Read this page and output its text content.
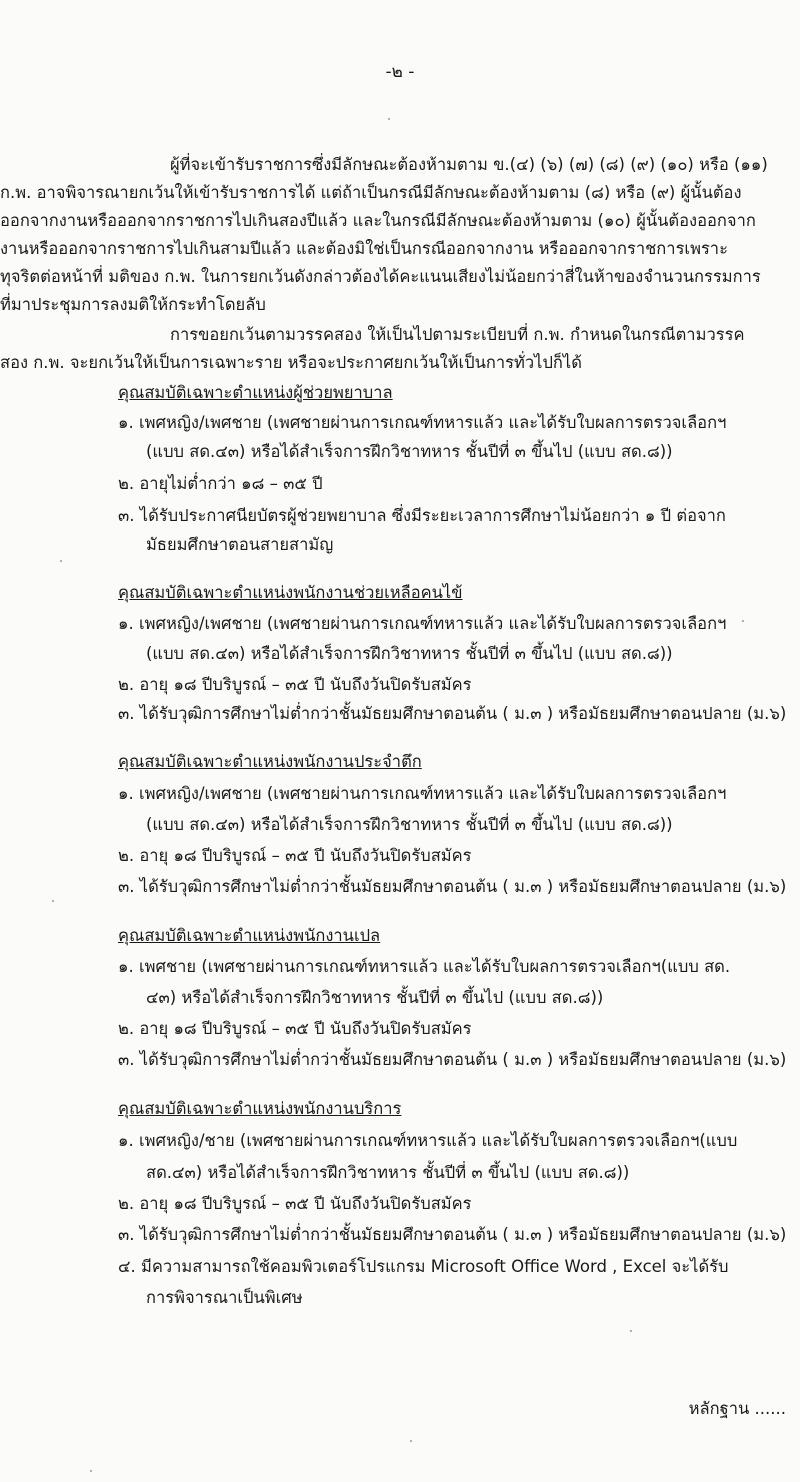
-๒ -
ผู้ที่จะเข้ารับราชการซึ่งมีลักษณะต้องห้ามตาม ข.(๔) (๖) (๗) (๘) (๙) (๑๐) หรือ (๑๑)
ก.พ. อาจพิจารณายกเว้นให้เข้ารับราชการได้ แต่ถ้าเป็นกรณีมีลักษณะต้องห้ามตาม (๘) หรือ (๙) ผู้นั้นต้อง
ออกจากงานหรือออกจากราชการไปเกินสองปีแล้ว และในกรณีมีลักษณะต้องห้ามตาม (๑๐) ผู้นั้นต้องออกจาก
งานหรือออกจากราชการไปเกินสามปีแล้ว และต้องมิใช่เป็นกรณีออกจากงาน หรือออกจากราชการเพราะ
ทุจริตต่อหน้าที่ มติของ ก.พ. ในการยกเว้นดังกล่าวต้องได้คะแนนเสียงไม่น้อยกว่าสี่ในห้าของจำนวนกรรมการ
ที่มาประชุมการลงมติให้กระทำโดยลับ
การขอยกเว้นตามวรรคสอง ให้เป็นไปตามระเบียบที่ ก.พ. กำหนดในกรณีตามวรรค
สอง ก.พ. จะยกเว้นให้เป็นการเฉพาะราย หรือจะประกาศยกเว้นให้เป็นการทั่วไปก็ได้
คุณสมบัติเฉพาะตำแหน่งผู้ช่วยพยาบาล
๑. เพศหญิง/เพศชาย (เพศชายผ่านการเกณฑ์ทหารแล้ว และได้รับใบผลการตรวจเลือกฯ
(แบบ สด.๔๓) หรือได้สำเร็จการฝึกวิชาทหาร ชั้นปีที่ ๓ ขึ้นไป (แบบ สด.๘))
๒. อายุไม่ต่ำกว่า ๑๘ – ๓๕ ปี
๓. ได้รับประกาศนียบัตรผู้ช่วยพยาบาล ซึ่งมีระยะเวลาการศึกษาไม่น้อยกว่า ๑ ปี ต่อจาก
มัธยมศึกษาตอนสายสามัญ
คุณสมบัติเฉพาะตำแหน่งพนักงานช่วยเหลือคนไข้
๑. เพศหญิง/เพศชาย (เพศชายผ่านการเกณฑ์ทหารแล้ว และได้รับใบผลการตรวจเลือกฯ
(แบบ สด.๔๓) หรือได้สำเร็จการฝึกวิชาทหาร ชั้นปีที่ ๓ ขึ้นไป (แบบ สด.๘))
๒. อายุ ๑๘ ปีบริบูรณ์ – ๓๕ ปี นับถึงวันปิดรับสมัคร
๓. ได้รับวุฒิการศึกษาไม่ต่ำกว่าชั้นมัธยมศึกษาตอนต้น ( ม.๓ ) หรือมัธยมศึกษาตอนปลาย (ม.๖)
คุณสมบัติเฉพาะตำแหน่งพนักงานประจำตึก
๑. เพศหญิง/เพศชาย (เพศชายผ่านการเกณฑ์ทหารแล้ว และได้รับใบผลการตรวจเลือกฯ
(แบบ สด.๔๓) หรือได้สำเร็จการฝึกวิชาทหาร ชั้นปีที่ ๓ ขึ้นไป (แบบ สด.๘))
๒. อายุ ๑๘ ปีบริบูรณ์ – ๓๕ ปี นับถึงวันปิดรับสมัคร
๓. ได้รับวุฒิการศึกษาไม่ต่ำกว่าชั้นมัธยมศึกษาตอนต้น ( ม.๓ ) หรือมัธยมศึกษาตอนปลาย (ม.๖)
คุณสมบัติเฉพาะตำแหน่งพนักงานเปล
๑. เพศชาย (เพศชายผ่านการเกณฑ์ทหารแล้ว และได้รับใบผลการตรวจเลือกฯ(แบบ สด.
๔๓) หรือได้สำเร็จการฝึกวิชาทหาร ชั้นปีที่ ๓ ขึ้นไป (แบบ สด.๘))
๒. อายุ ๑๘ ปีบริบูรณ์ – ๓๕ ปี นับถึงวันปิดรับสมัคร
๓. ได้รับวุฒิการศึกษาไม่ต่ำกว่าชั้นมัธยมศึกษาตอนต้น ( ม.๓ ) หรือมัธยมศึกษาตอนปลาย (ม.๖)
คุณสมบัติเฉพาะตำแหน่งพนักงานบริการ
๑. เพศหญิง/ชาย (เพศชายผ่านการเกณฑ์ทหารแล้ว และได้รับใบผลการตรวจเลือกฯ(แบบ
สด.๔๓) หรือได้สำเร็จการฝึกวิชาทหาร ชั้นปีที่ ๓ ขึ้นไป (แบบ สด.๘))
๒. อายุ ๑๘ ปีบริบูรณ์ – ๓๕ ปี นับถึงวันปิดรับสมัคร
๓. ได้รับวุฒิการศึกษาไม่ต่ำกว่าชั้นมัธยมศึกษาตอนต้น ( ม.๓ ) หรือมัธยมศึกษาตอนปลาย (ม.๖)
๔. มีความสามารถใช้คอมพิวเตอร์โปรแกรม Microsoft Office Word , Excel จะได้รับ
การพิจารณาเป็นพิเศษ
หลักฐาน ......
